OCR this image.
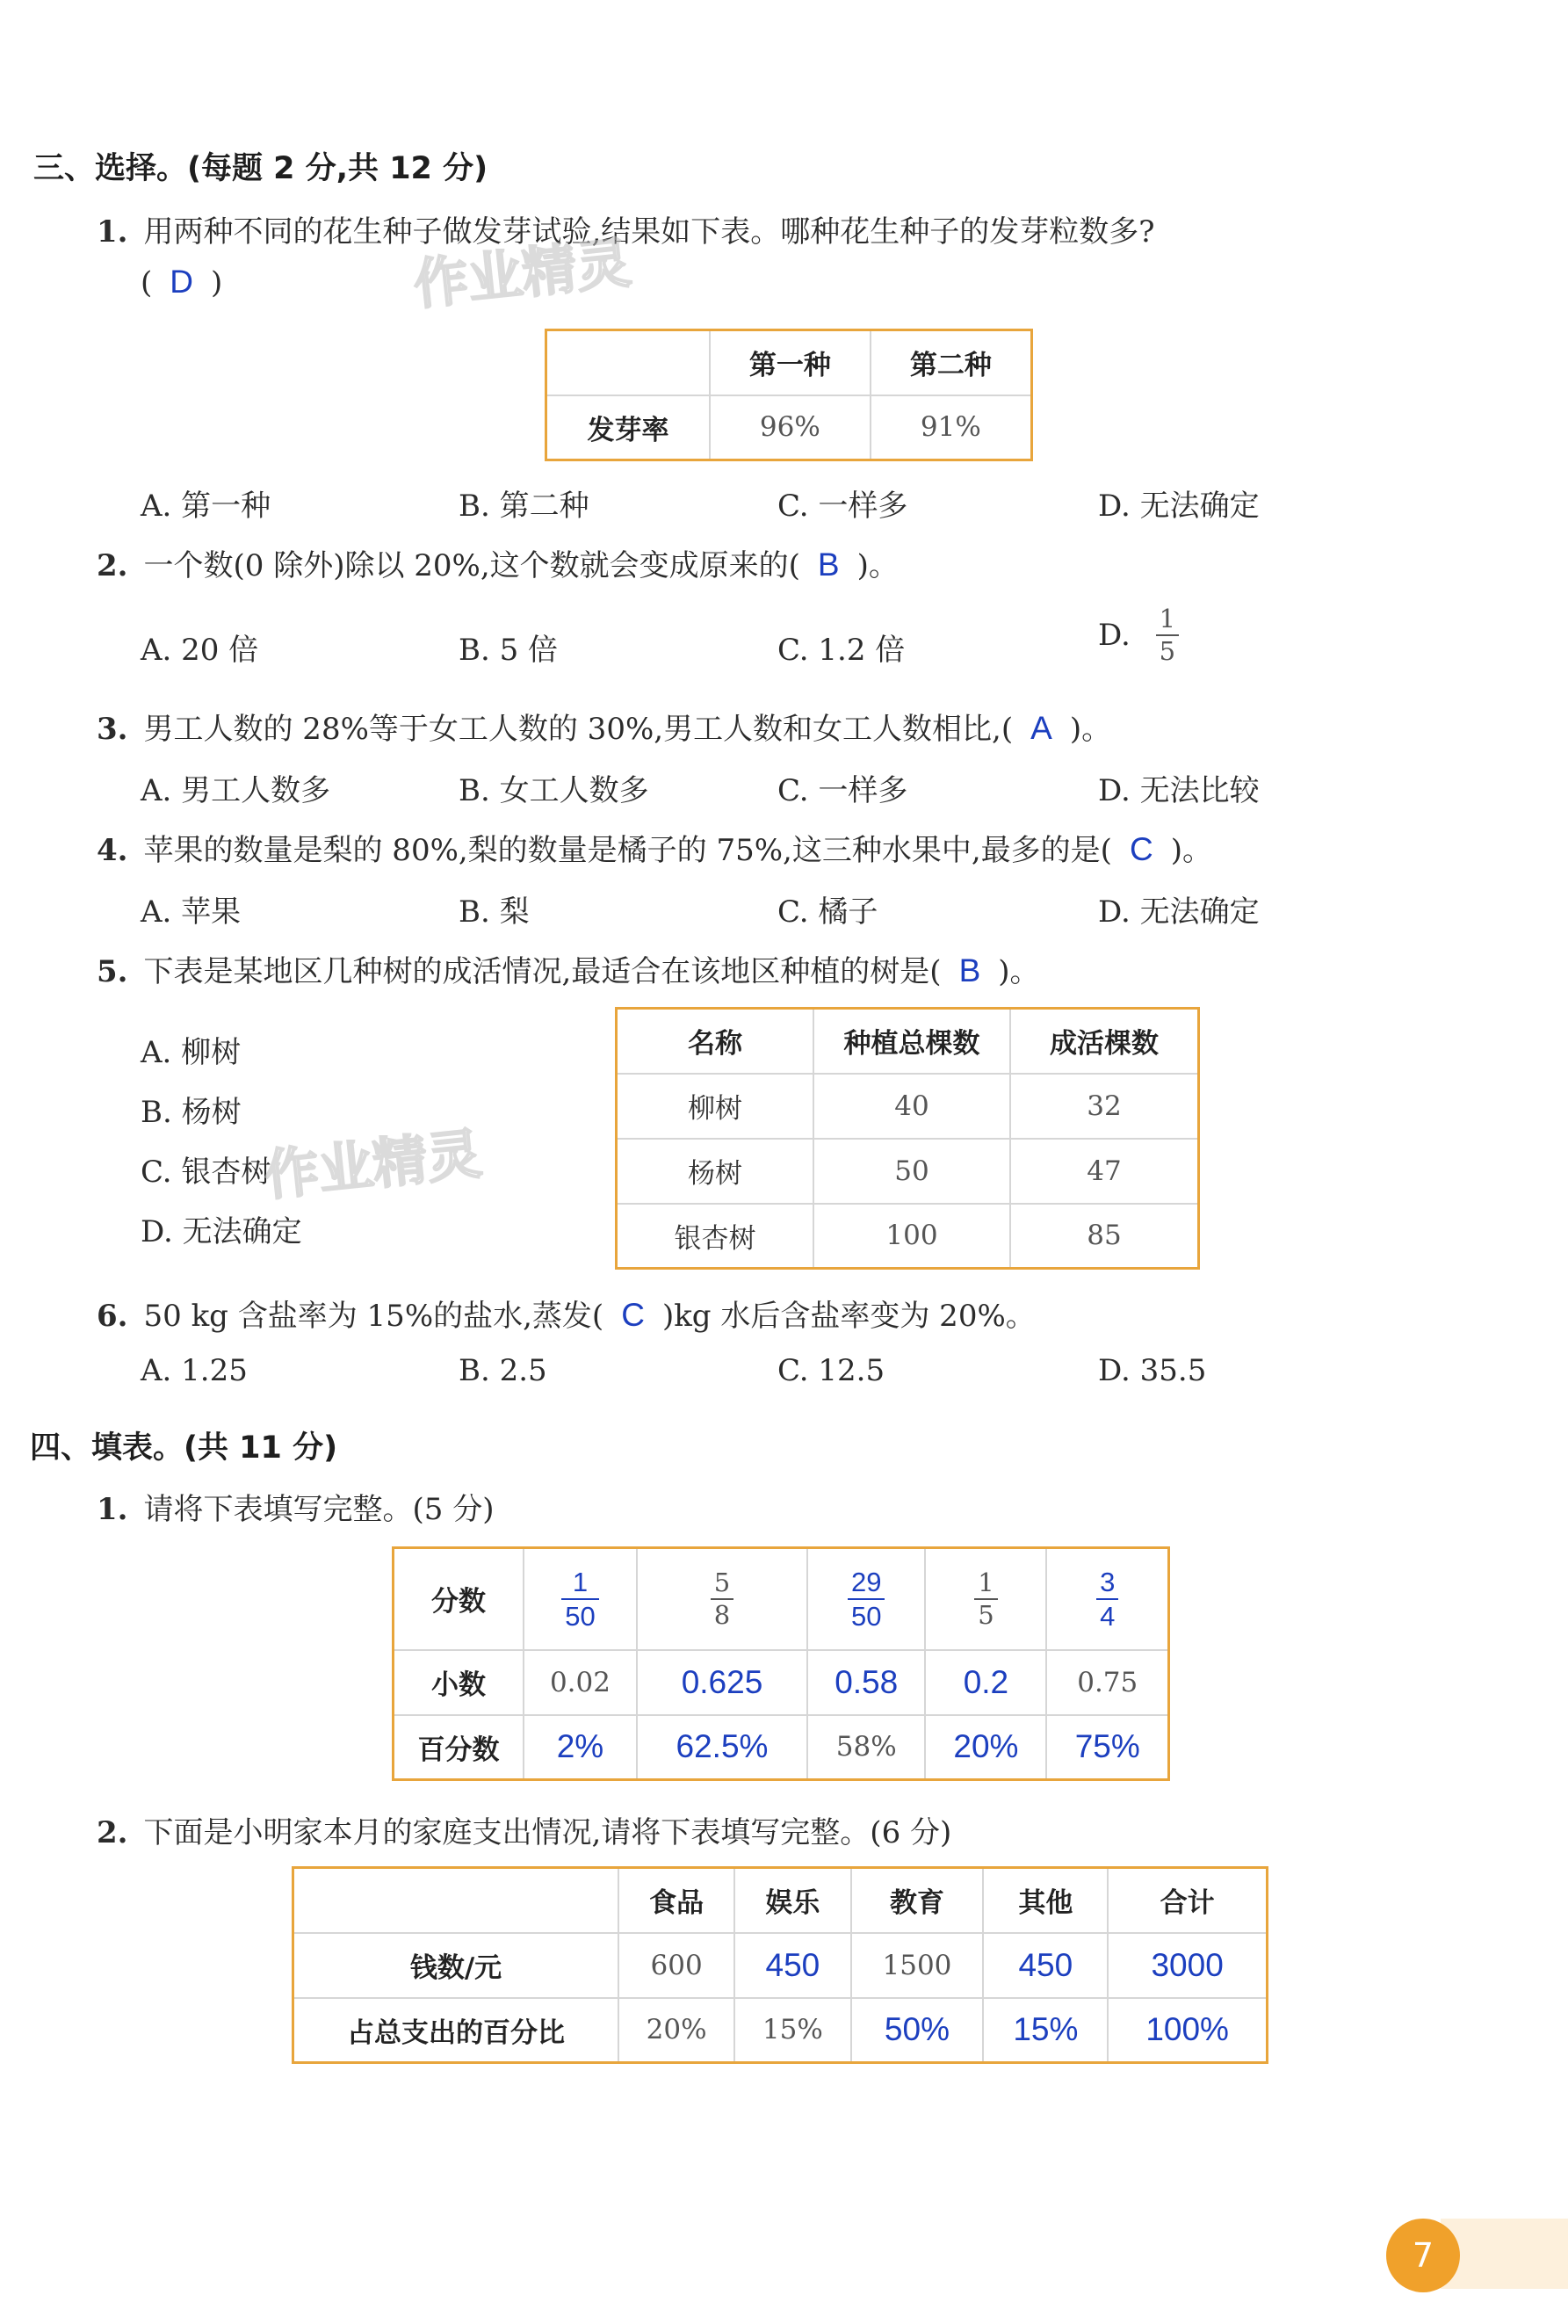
三、选择。(每题 2 分,共 12 分)
1. 用两种不同的花生种子做发芽试验,结果如下表。哪种花生种子的发芽粒数多?
( D )	作业精灵
	第一种	第二种
发芽率	96%	91%
A. 第一种	B. 第二种	C. 一样多	D. 无法确定
2. 一个数(0 除外)除以 20%,这个数就会变成原来的( B )。
A. 20 倍	B. 5 倍	C. 1.2 倍	D. $\frac{1}{5}$
3. 男工人数的 28%等于女工人数的 30%,男工人数和女工人数相比,( A )。
A. 男工人数多	B. 女工人数多	C. 一样多	D. 无法比较
4. 苹果的数量是梨的 80%,梨的数量是橘子的 75%,这三种水果中,最多的是( C )。
A. 苹果	B. 梨	C. 橘子	D. 无法确定
5. 下表是某地区几种树的成活情况,最适合在该地区种植的树是( B )。
A. 柳树
B. 杨树
C. 银杏树
D. 无法确定
作业精灵
名称	种植总棵数	成活棵数
柳树	40	32
杨树	50	47
银杏树	100	85
6. 50 kg 含盐率为 15%的盐水,蒸发( C )kg 水后含盐率变为 20%。
A. 1.25	B. 2.5	C. 12.5	D. 35.5
四、填表。(共 11 分)
1. 请将下表填写完整。(5 分)
分数	$\frac{1}{50}$	$\frac{5}{8}$	$\frac{29}{50}$	$\frac{1}{5}$	$\frac{3}{4}$

小数	0.02	0.625	0.58	0.2	0.75
百分数	2%	62.5%	58%	20%	75%
2. 下面是小明家本月的家庭支出情况,请将下表填写完整。(6 分)
	食品	娱乐	教育	其他	合计
钱数/元	600	450	1500	450	3000
占总支出的百分比	20%	15%	50%	15%	100%
7
